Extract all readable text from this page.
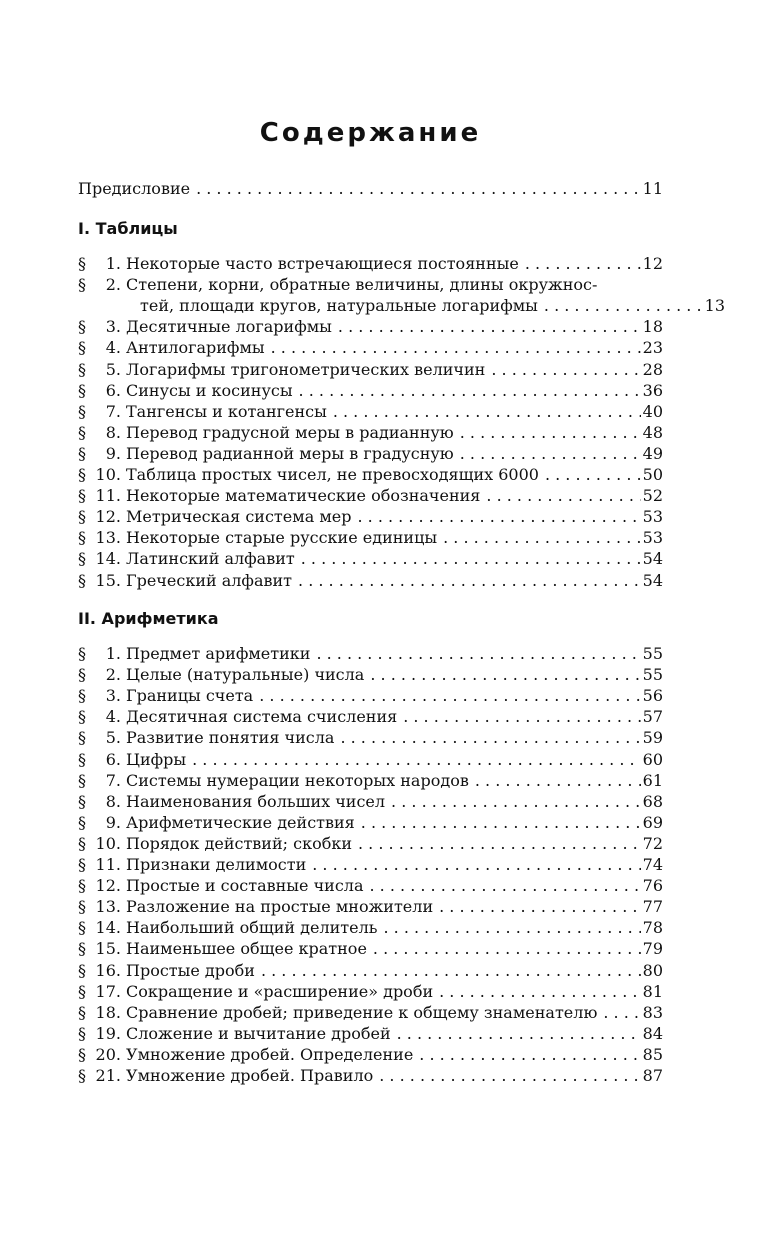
Содержание
Предисловие . . .	11
I. Таблицы
§	1. Некоторые часто встречающиеся постоянные . . .	12
§	2. Степени, корни, обратные величины, длины окружнос-
тей, площади кругов, натуральные логарифмы . . .	13
§	3. Десятичные логарифмы . . .	18
§	4. Антилогарифмы . . .	23
§	5. Логарифмы тригонометрических величин . . .	28
§	6. Синусы и косинусы . . .	36
§	7. Тангенсы и котангенсы . . .	40
§	8. Перевод градусной меры в радианную . . .	48
§	9. Перевод радианной меры в градусную . . .	49
§ 10. Таблица простых чисел, не превосходящих 6000 . . .	50
§ 11. Некоторые математические обозначения . . .	52
§ 12. Метрическая система мер . . .	53
§ 13. Некоторые старые русские единицы . . .	53
§ 14. Латинский алфавит . . .	54
§ 15. Греческий алфавит . . .	54
II. Арифметика
§	1. Предмет арифметики . . .	55
§	2. Целые (натуральные) числа . . .	55
§	3. Границы счета . . .	56
§	4. Десятичная система счисления . . .	57
§	5. Развитие понятия числа . . .	59
§	6. Цифры . . .	60
§	7. Системы нумерации некоторых народов . . .	61
§	8. Наименования больших чисел . . .	68
§	9. Арифметические действия . . .	69
§ 10. Порядок действий; скобки . . .	72
§ 11. Признаки делимости . . .	74
§ 12. Простые и составные числа . . .	76
§ 13. Разложение на простые множители . . .	77
§ 14. Наибольший общий делитель . . .	78
§ 15. Наименьшее общее кратное . . .	79
§ 16. Простые дроби . . .	80
§ 17. Сокращение и «расширение» дроби . . .	81
§ 18. Сравнение дробей; приведение к общему знаменателю . . .	83
§ 19. Сложение и вычитание дробей . . .	84
§ 20. Умножение дробей. Определение . . .	85
§ 21. Умножение дробей. Правило . . .	87
